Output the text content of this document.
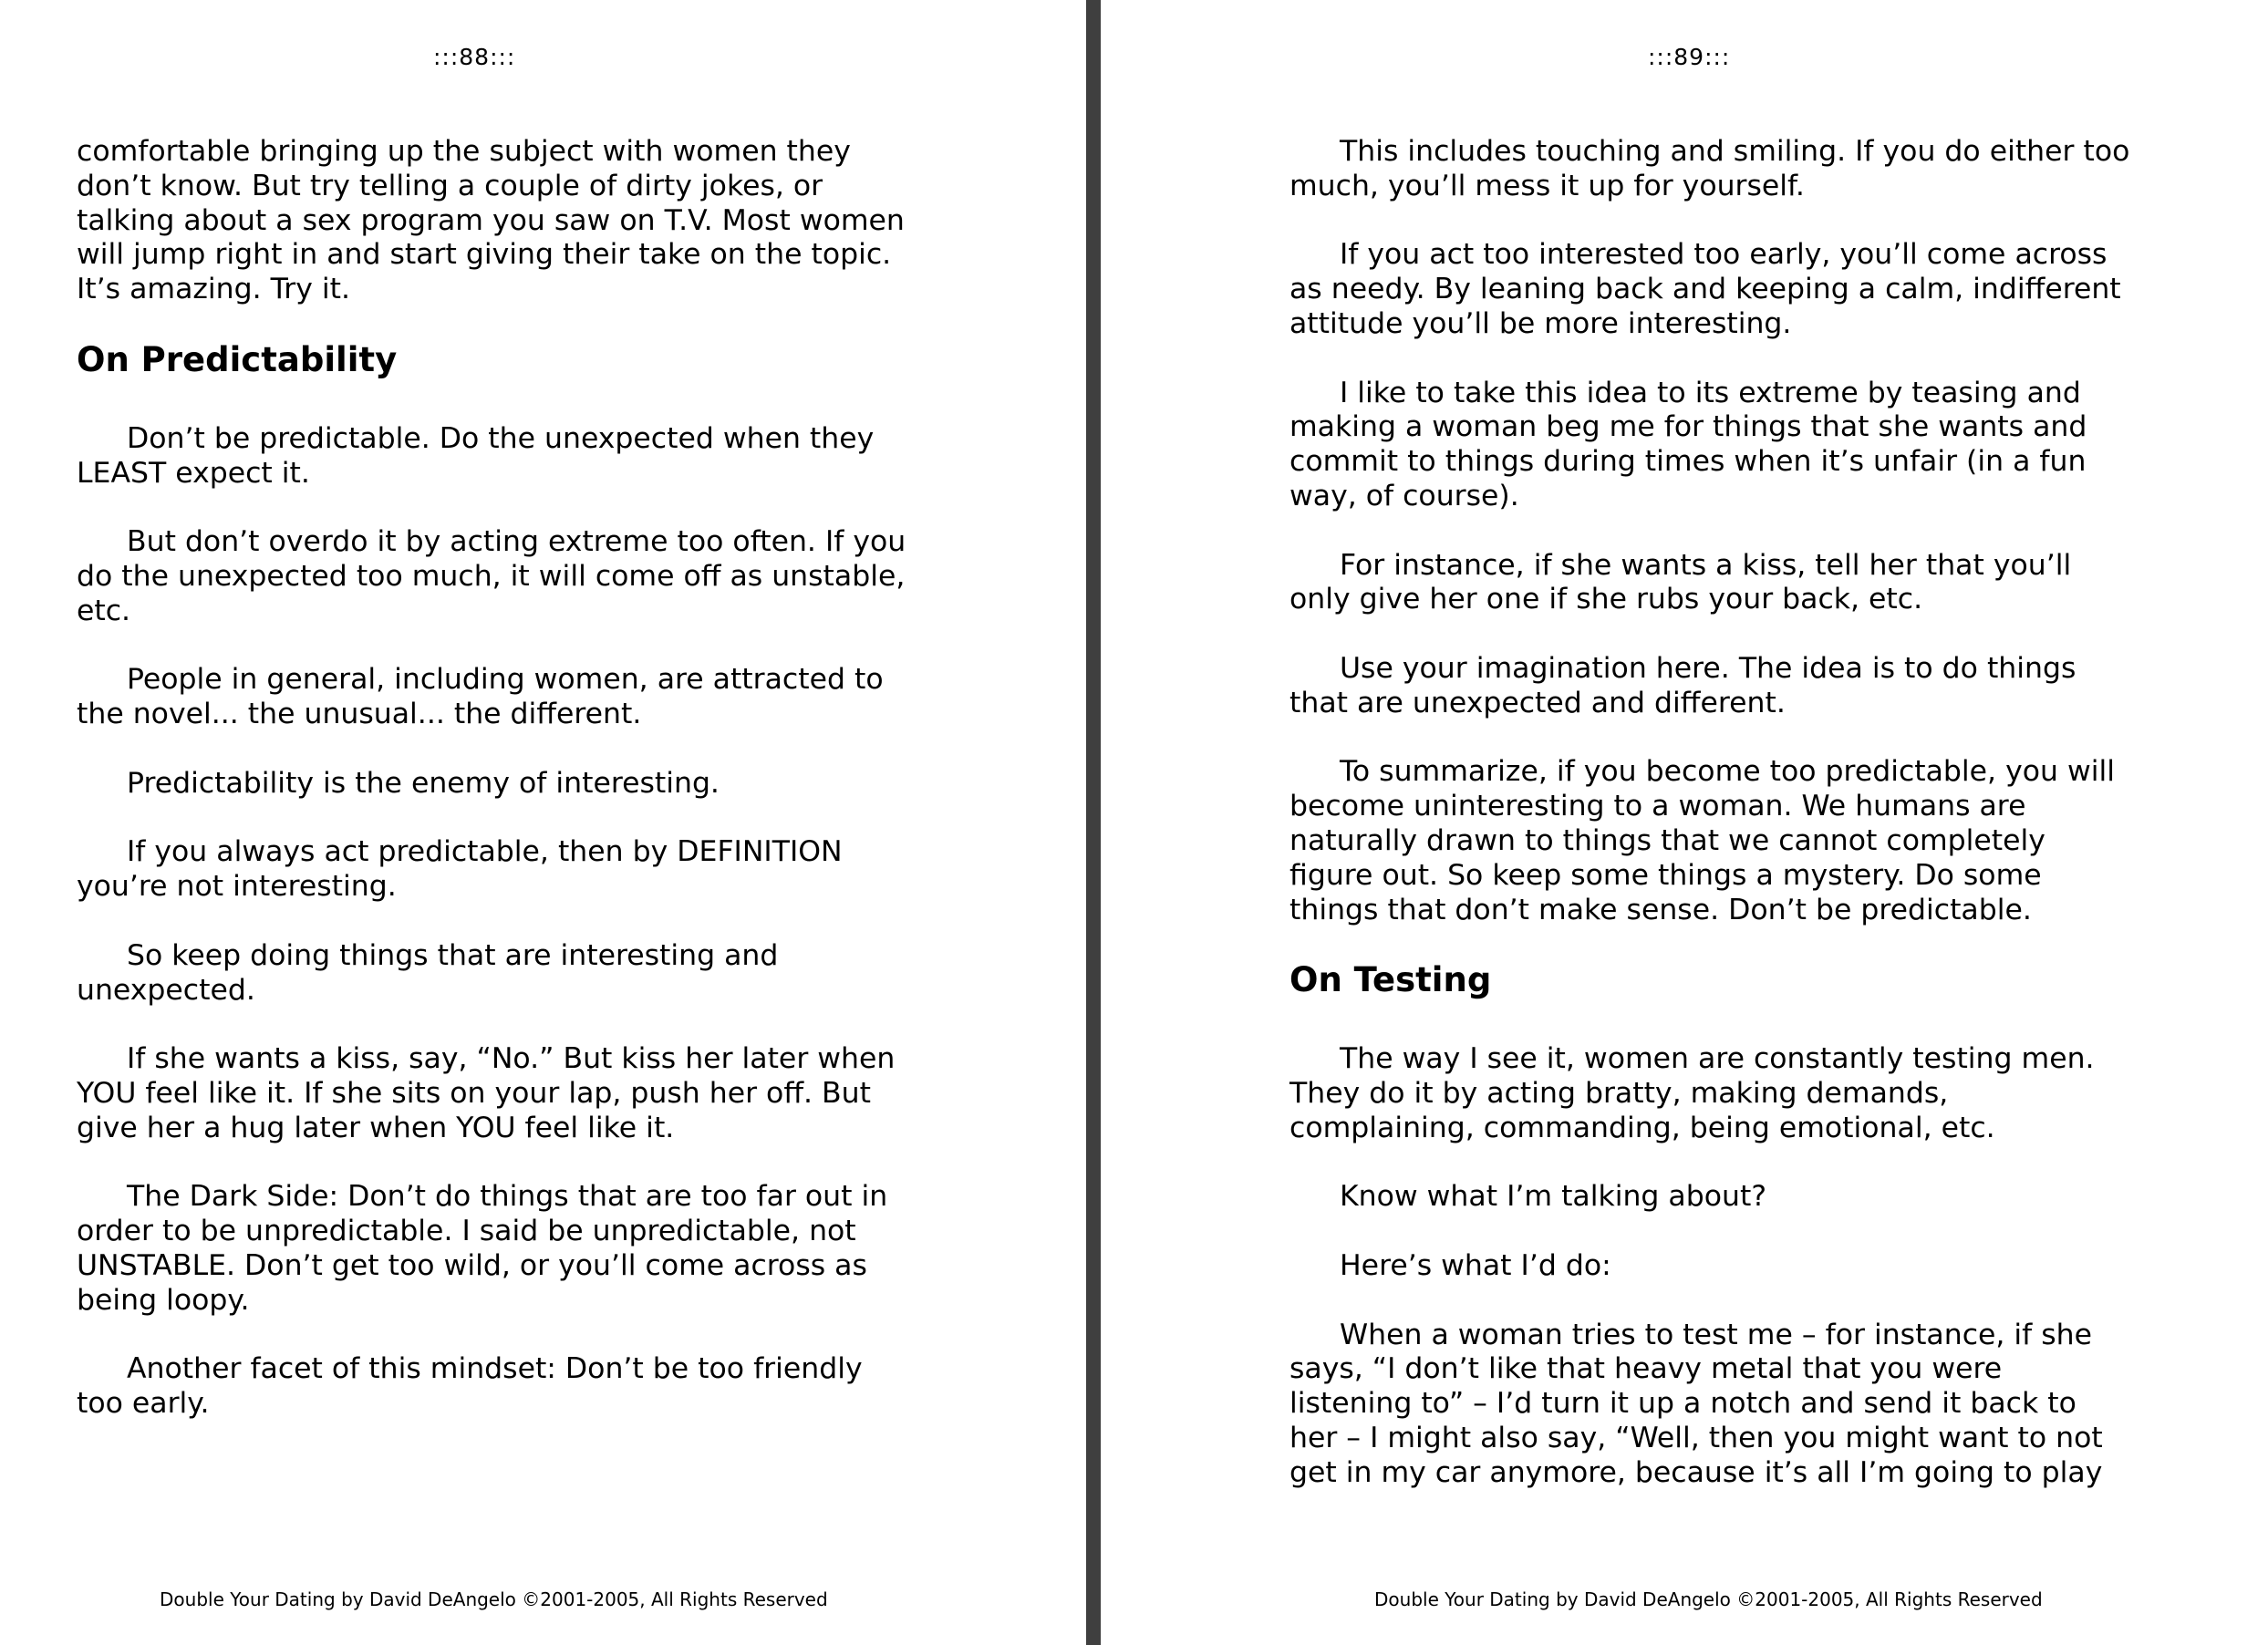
:::88:::

comfortable bringing up the subject with women they don’t know. But try telling a couple of dirty jokes, or talking about a sex program you saw on T.V. Most women will jump right in and start giving their take on the topic. It’s amazing. Try it.

On Predictability

Don’t be predictable. Do the unexpected when they LEAST expect it.

But don’t overdo it by acting extreme too often. If you do the unexpected too much, it will come off as unstable, etc.

People in general, including women, are attracted to the novel... the unusual... the different.

Predictability is the enemy of interesting.

If you always act predictable, then by DEFINITION you’re not interesting.

So keep doing things that are interesting and unexpected.

If she wants a kiss, say, “No.” But kiss her later when YOU feel like it. If she sits on your lap, push her off. But give her a hug later when YOU feel like it.

The Dark Side: Don’t do things that are too far out in order to be unpredictable. I said be unpredictable, not UNSTABLE. Don’t get too wild, or you’ll come across as being loopy.

Another facet of this mindset: Don’t be too friendly too early.

Double Your Dating by David DeAngelo ©2001-2005, All Rights Reserved
:::89:::

This includes touching and smiling. If you do either too much, you’ll mess it up for yourself.

If you act too interested too early, you’ll come across as needy. By leaning back and keeping a calm, indifferent attitude you’ll be more interesting.

I like to take this idea to its extreme by teasing and making a woman beg me for things that she wants and commit to things during times when it’s unfair (in a fun way, of course).

For instance, if she wants a kiss, tell her that you’ll only give her one if she rubs your back, etc.

Use your imagination here. The idea is to do things that are unexpected and different.

To summarize, if you become too predictable, you will become uninteresting to a woman. We humans are naturally drawn to things that we cannot completely figure out. So keep some things a mystery. Do some things that don’t make sense. Don’t be predictable.

On Testing

The way I see it, women are constantly testing men. They do it by acting bratty, making demands, complaining, commanding, being emotional, etc.

Know what I’m talking about?

Here’s what I’d do:

When a woman tries to test me – for instance, if she says, “I don’t like that heavy metal that you were listening to” – I’d turn it up a notch and send it back to her – I might also say, “Well, then you might want to not get in my car anymore, because it’s all I’m going to play

Double Your Dating by David DeAngelo ©2001-2005, All Rights Reserved
